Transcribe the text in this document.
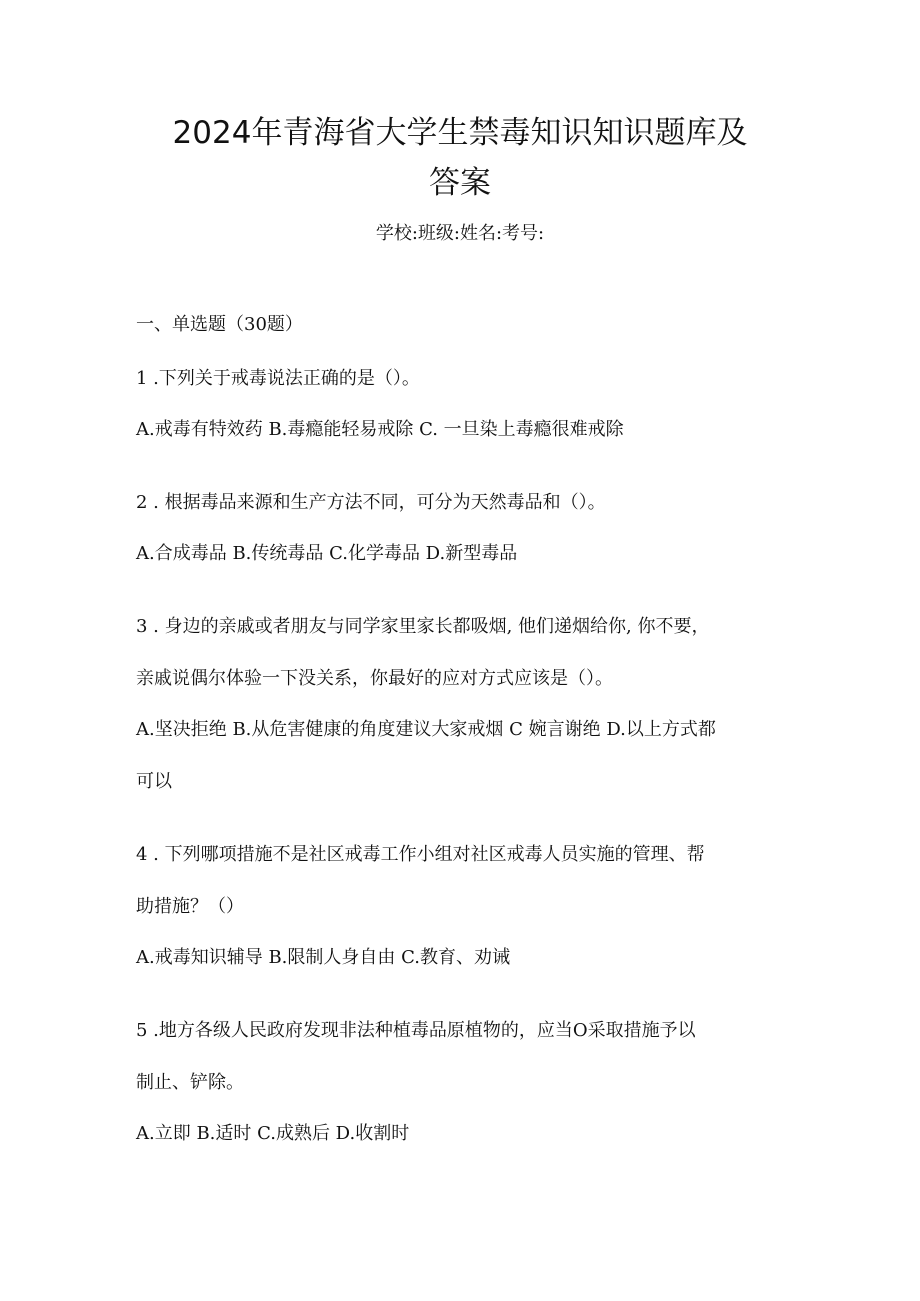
2024年青海省大学生禁毒知识知识题库及
答案
学校:班级:姓名:考号:
一、单选题（30题）
1 .下列关于戒毒说法正确的是（）。
A.戒毒有特效药 B.毒瘾能轻易戒除 C. 一旦染上毒瘾很难戒除
2 . 根据毒品来源和生产方法不同，可分为天然毒品和（）。
A.合成毒品 B.传统毒品 C.化学毒品 D.新型毒品
3 . 身边的亲戚或者朋友与同学家里家长都吸烟, 他们递烟给你, 你不要，
亲戚说偶尔体验一下没关系，你最好的应对方式应该是（）。
A.坚决拒绝 B.从危害健康的角度建议大家戒烟 C 婉言谢绝 D.以上方式都
可以
4 . 下列哪项措施不是社区戒毒工作小组对社区戒毒人员实施的管理、帮
助措施？（）
A.戒毒知识辅导 B.限制人身自由 C.教育、劝诫
5 .地方各级人民政府发现非法种植毒品原植物的，应当O采取措施予以
制止、铲除。
A.立即 B.适时 C.成熟后 D.收割时
